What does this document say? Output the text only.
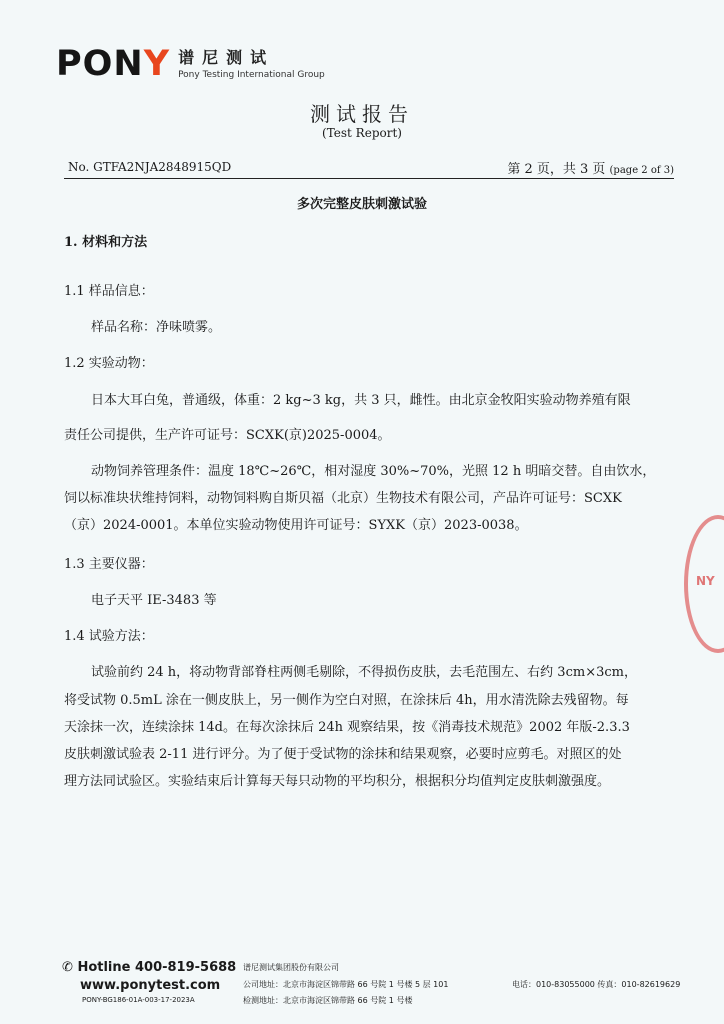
PONY 谱尼测试
Pony Testing International Group
测试报告
(Test Report)
No. GTFA2NJA2848915QD	第 2 页，共 3 页 (page 2 of 3)
多次完整皮肤刺激试验
1. 材料和方法
1.1 样品信息：
样品名称：净味喷雾。
1.2 实验动物：
日本大耳白兔，普通级，体重：2 kg~3 kg，共 3 只，雌性。由北京金牧阳实验动物养殖有限
责任公司提供，生产许可证号：SCXK(京)2025-0004。
动物饲养管理条件：温度 18℃~26℃，相对湿度 30%~70%，光照 12 h 明暗交替。自由饮水，
饲以标准块状维持饲料，动物饲料购自斯贝福（北京）生物技术有限公司，产品许可证号：SCXK
（京）2024-0001。本单位实验动物使用许可证号：SYXK（京）2023-0038。
1.3 主要仪器：
电子天平 IE-3483 等
1.4 试验方法：
试验前约 24 h，将动物背部脊柱两侧毛剔除，不得损伤皮肤，去毛范围左、右约 3cm×3cm，
将受试物 0.5mL 涂在一侧皮肤上，另一侧作为空白对照，在涂抹后 4h，用水清洗除去残留物。每
天涂抹一次，连续涂抹 14d。在每次涂抹后 24h 观察结果，按《消毒技术规范》2002 年版-2.3.3
皮肤刺激试验表 2-11 进行评分。为了便于受试物的涂抹和结果观察，必要时应剪毛。对照区的处
理方法同试验区。实验结束后计算每天每只动物的平均积分，根据积分均值判定皮肤刺激强度。
NY
✆ Hotline 400-819-5688
www.ponytest.com
PONY-BG186-01A-003-17-2023A
谱尼测试集团股份有限公司
公司地址：北京市海淀区锦带路 66 号院 1 号楼 5 层 101
检测地址：北京市海淀区锦带路 66 号院 1 号楼
电话：010-83055000 传真：010-82619629
